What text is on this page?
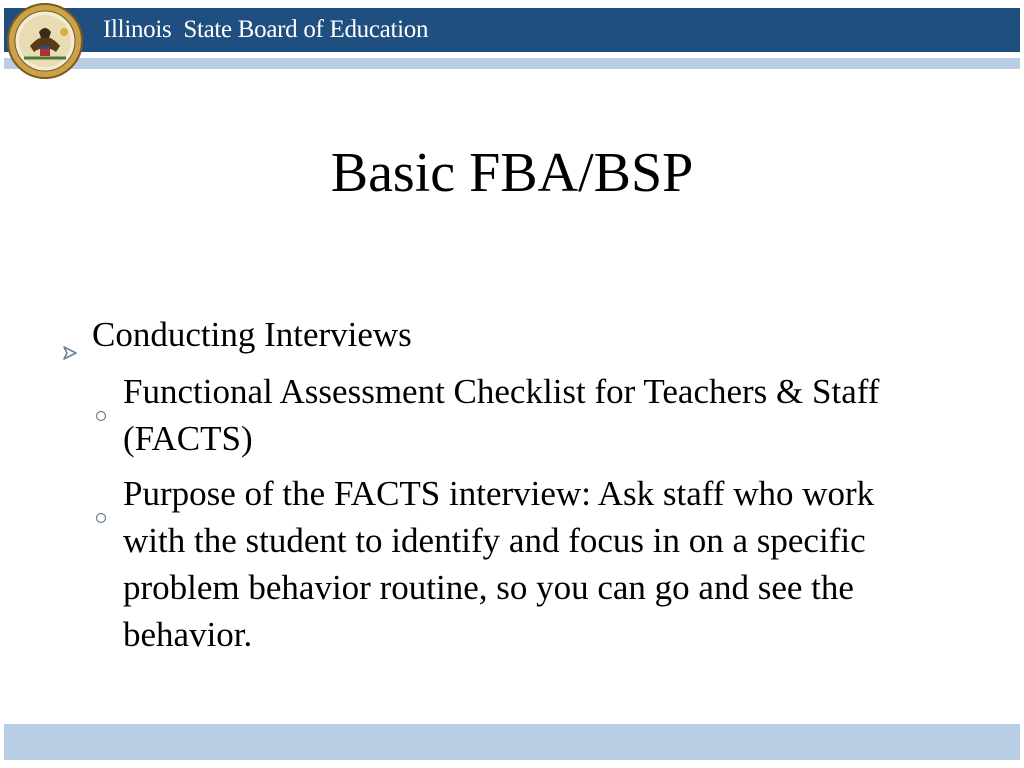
Illinois  State Board of Education
Basic FBA/BSP
Conducting Interviews
Functional Assessment Checklist for Teachers & Staff (FACTS)
Purpose of the FACTS interview: Ask staff who work with the student to identify and focus in on a specific problem behavior routine, so you can go and see the behavior.
